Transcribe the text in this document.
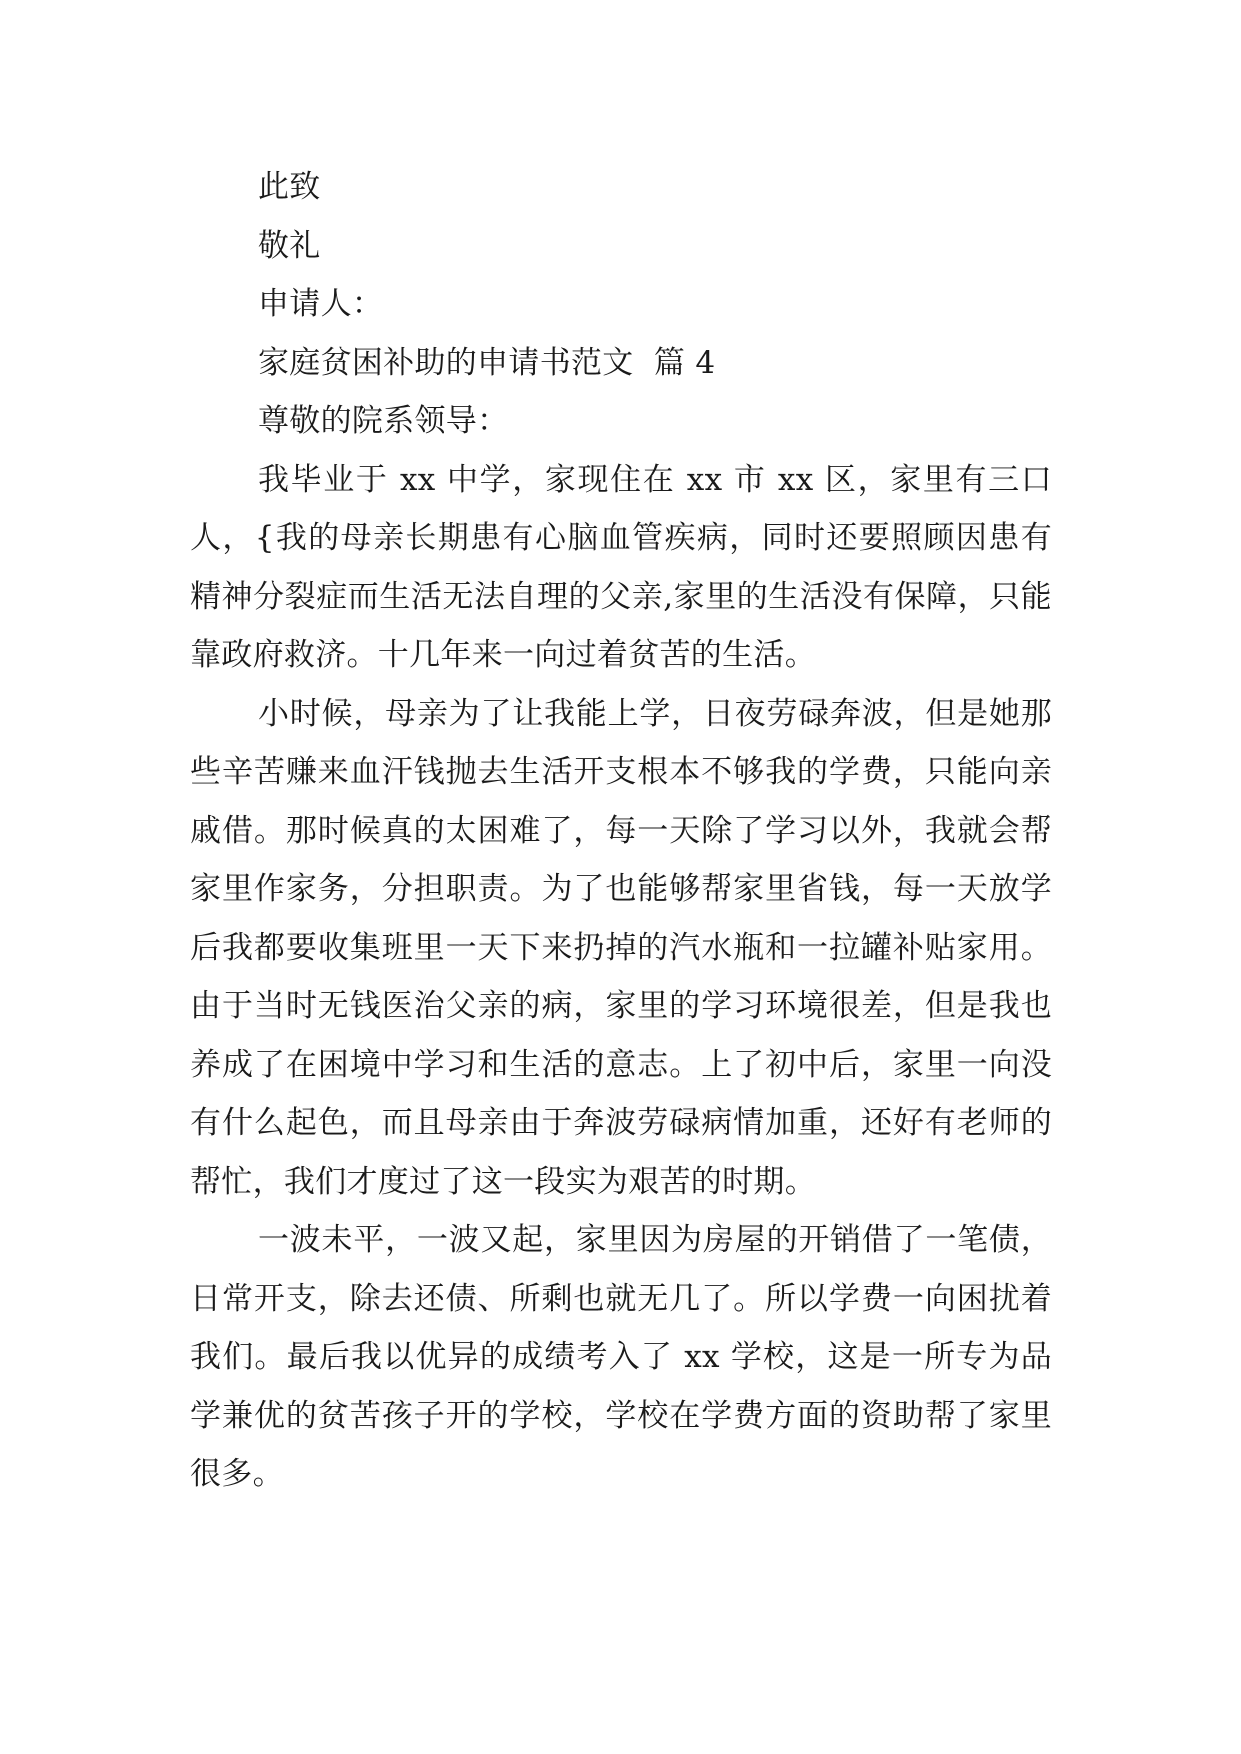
此致
敬礼
申请人：
家庭贫困补助的申请书范文  篇 4
尊敬的院系领导：

我毕业于 xx 中学，家现住在 xx 市 xx 区，家里有三口人，{我的母亲长期患有心脑血管疾病，同时还要照顾因患有精神分裂症而生活无法自理的父亲,家里的生活没有保障，只能靠政府救济。十几年来一向过着贫苦的生活。

小时候，母亲为了让我能上学，日夜劳碌奔波，但是她那些辛苦赚来血汗钱抛去生活开支根本不够我的学费，只能向亲戚借。那时候真的太困难了，每一天除了学习以外，我就会帮家里作家务，分担职责。为了也能够帮家里省钱，每一天放学后我都要收集班里一天下来扔掉的汽水瓶和一拉罐补贴家用。由于当时无钱医治父亲的病，家里的学习环境很差，但是我也养成了在困境中学习和生活的意志。上了初中后，家里一向没有什么起色，而且母亲由于奔波劳碌病情加重，还好有老师的帮忙，我们才度过了这一段实为艰苦的时期。

一波未平，一波又起，家里因为房屋的开销借了一笔债，日常开支，除去还债、所剩也就无几了。所以学费一向困扰着我们。最后我以优异的成绩考入了 xx 学校，这是一所专为品学兼优的贫苦孩子开的学校，学校在学费方面的资助帮了家里很多。
